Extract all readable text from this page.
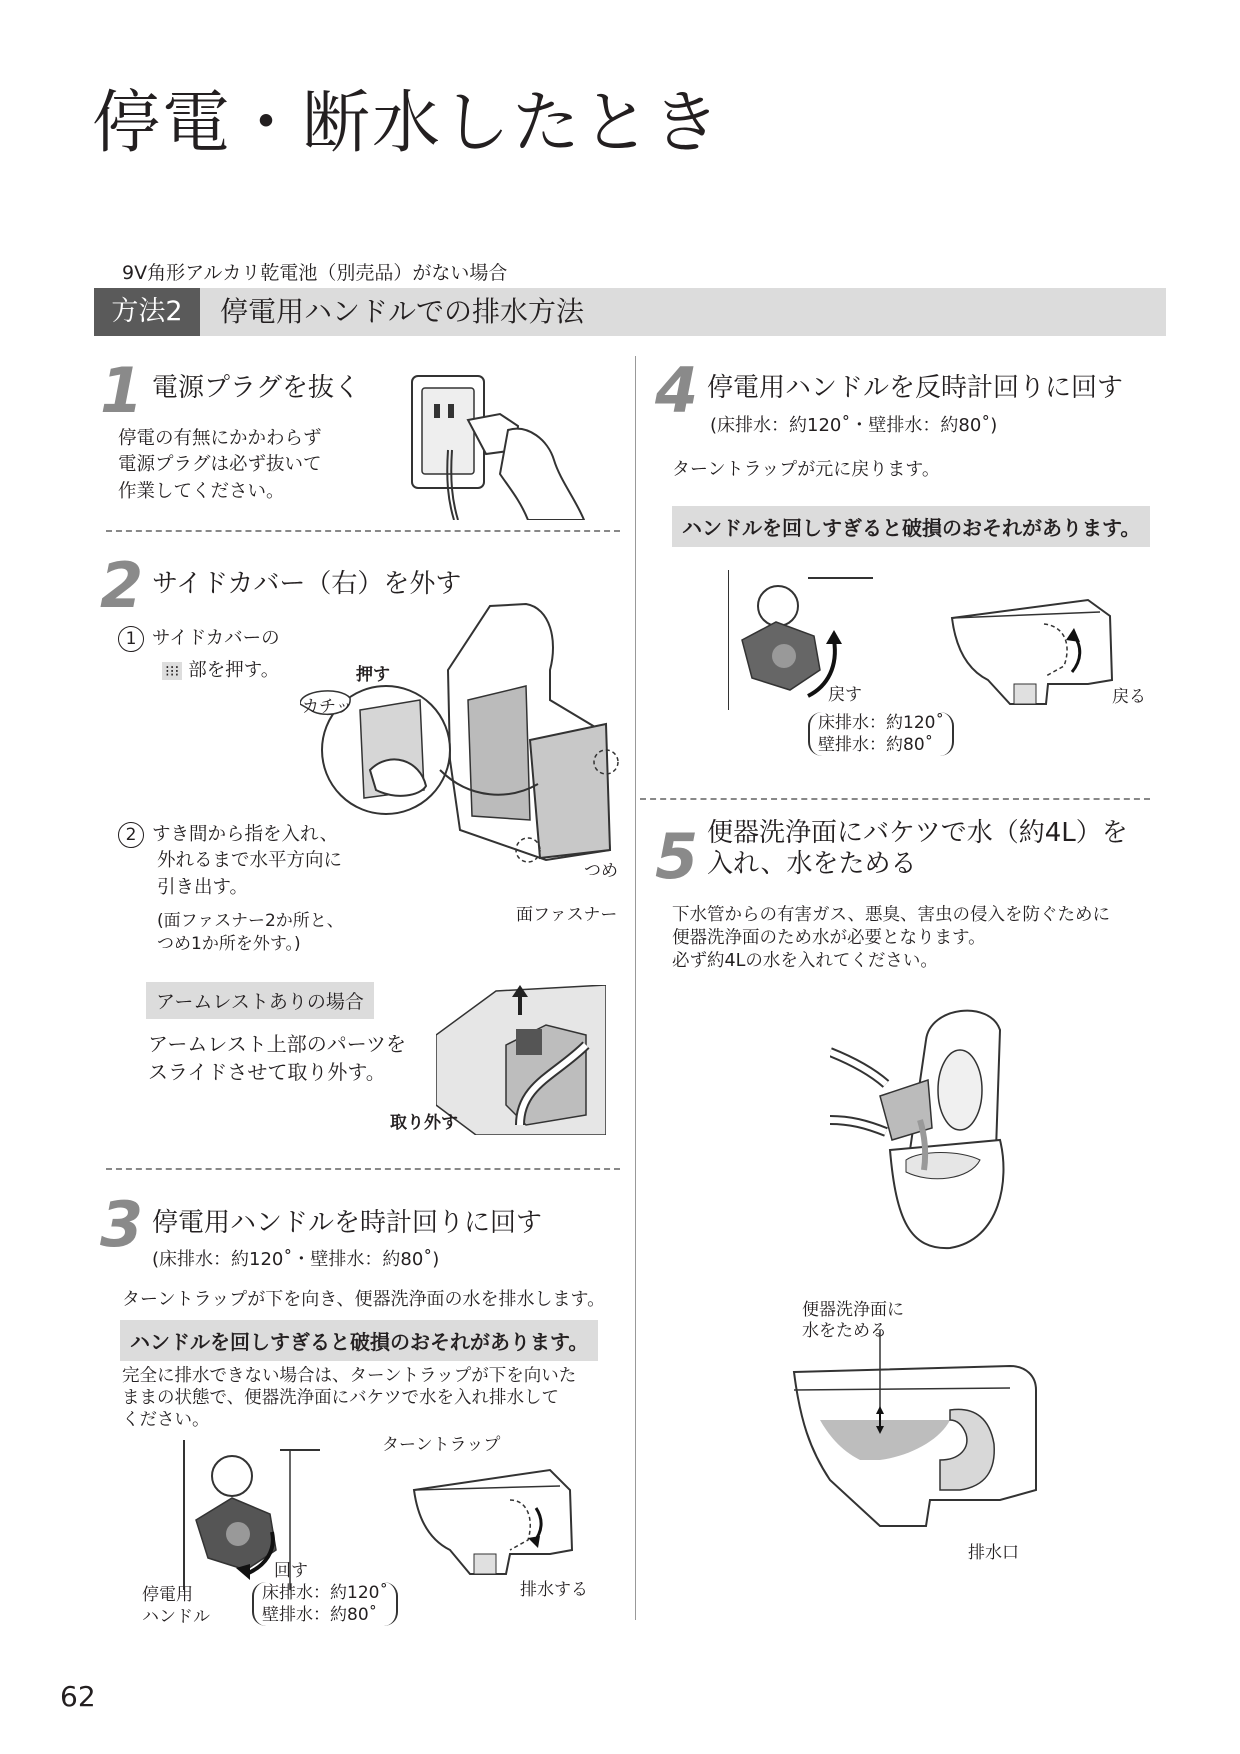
停電・断水したとき
9V角形アルカリ乾電池（別売品）がない場合
方法2	停電用ハンドルでの排水方法
1 電源プラグを抜く
停電の有無にかかわらず
電源プラグは必ず抜いて
作業してください。
2 サイドカバー（右）を外す
1 サイドカバーの
⁝⁝⁝ 部を押す。	押す
カチッ
2 すき間から指を入れ、
外れるまで水平方向に
引き出す。
(面ファスナー2か所と、
つめ1か所を外す。)
つめ
面ファスナー
アームレストありの場合
アームレスト上部のパーツを
スライドさせて取り外す。
取り外す
3 停電用ハンドルを時計回りに回す
(床排水：約120˚・壁排水：約80˚)
ターントラップが下を向き、便器洗浄面の水を排水します。
ハンドルを回しすぎると破損のおそれがあります。
完全に排水できない場合は、ターントラップが下を向いた
ままの状態で、便器洗浄面にバケツで水を入れ排水して
ください。
回す
停電用
ハンドル
床排水：約120˚
壁排水：約80˚
ターントラップ
排水する
4 停電用ハンドルを反時計回りに回す
(床排水：約120˚・壁排水：約80˚)
ターントラップが元に戻ります。
ハンドルを回しすぎると破損のおそれがあります。
戻す
床排水：約120˚
壁排水：約80˚
戻る
5 便器洗浄面にバケツで水（約4L）を
入れ、水をためる
下水管からの有害ガス、悪臭、害虫の侵入を防ぐために
便器洗浄面のため水が必要となります。
必ず約4Lの水を入れてください。
便器洗浄面に
水をためる
排水口
62
